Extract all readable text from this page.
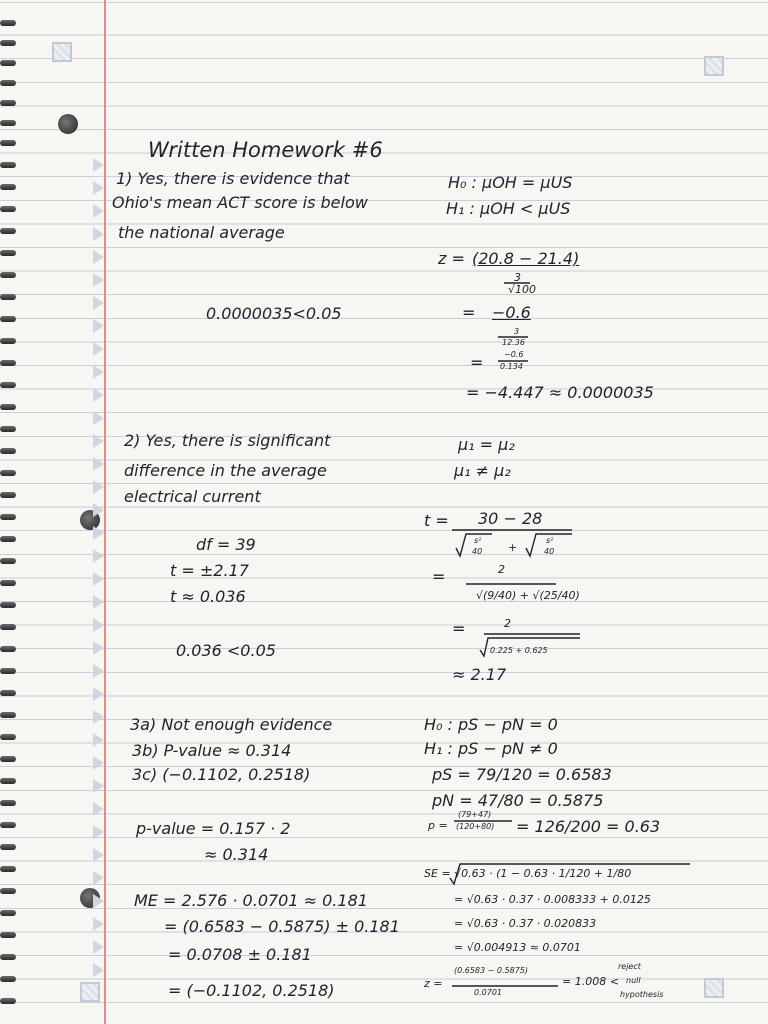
Written Homework #6
1) Yes, there is evidence that
Ohio's mean ACT score is below
the national average
0.0000035<0.05
H₀ : μOH = μUS
H₁ : μOH < μUS
z = (20.8 − 21.4)
3
√100
= −0.6
3
12.36
=	−0.6
0.134
= −4.447 ≈ 0.0000035
2) Yes, there is significant
difference in the average
electrical current
df = 39
t = ±2.17
t ≈ 0.036
0.036 <0.05
μ₁ = μ₂
μ₁ ≠ μ₂
t = 30 − 28
s²
40 +
s²
40
=	2
√(9/40) + √(25/40)
=	2
0.225 + 0.625
≈ 2.17
3a) Not enough evidence
3b) P-value ≈ 0.314
3c) (−0.1102, 0.2518)
p-value = 0.157 · 2
≈ 0.314
H₀ : pS − pN = 0
H₁ : pS − pN ≠ 0
pS = 79/120 = 0.6583
pN = 47/80 = 0.5875
p =
(79+47)
(120+80) = 126/200 = 0.63
SE = √0.63 · (1 − 0.63 · 1/120 + 1/80
= √0.63 · 0.37 · 0.008333 + 0.0125
= √0.63 · 0.37 · 0.020833
= √0.004913 ≈ 0.0701
z =
(0.6583 − 0.5875)
0.0701
= 1.008 <
reject
null
hypothesis
ME = 2.576 · 0.0701 ≈ 0.181
= (0.6583 − 0.5875) ± 0.181
= 0.0708 ± 0.181
= (−0.1102, 0.2518)
